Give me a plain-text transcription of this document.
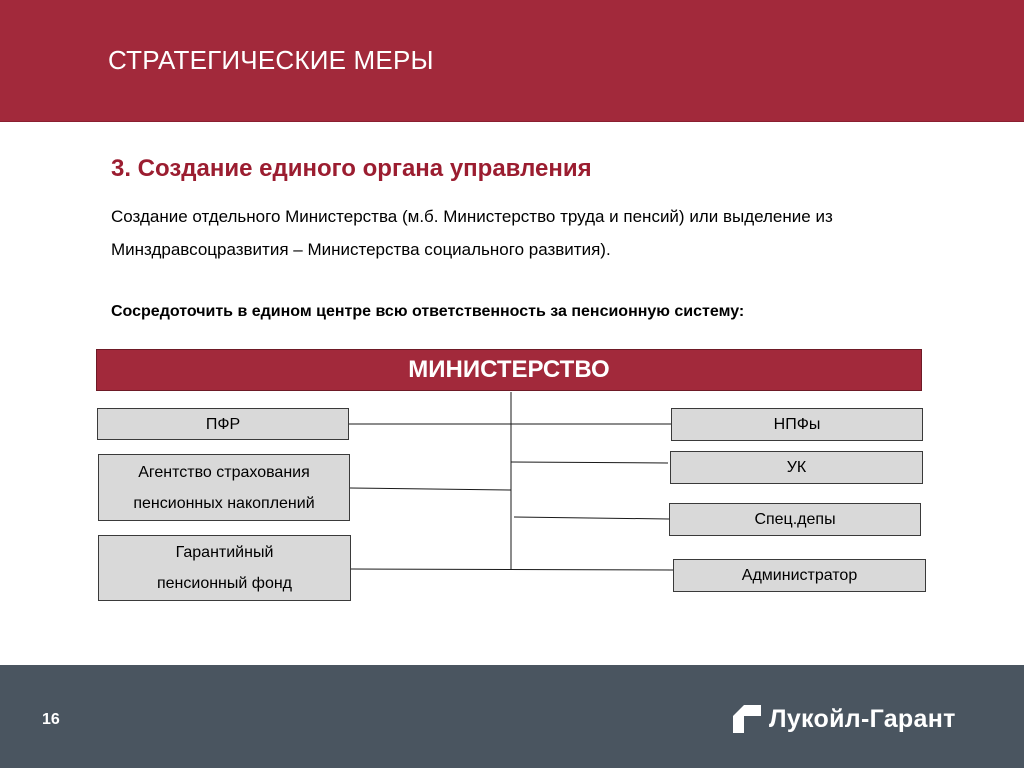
СТРАТЕГИЧЕСКИЕ МЕРЫ
3. Создание единого органа управления
Создание отдельного Министерства (м.б. Министерство труда и пенсий) или выделение из
Минздравсоцразвития – Министерства социального развития).
Сосредоточить в едином центре всю ответственность за пенсионную систему:
МИНИСТЕРСТВО
ПФР
Агентство страхования
пенсионных накоплений
Гарантийный
пенсионный фонд
НПФы
УК
Спец.депы
Администратор
16	Лукойл-Гарант
